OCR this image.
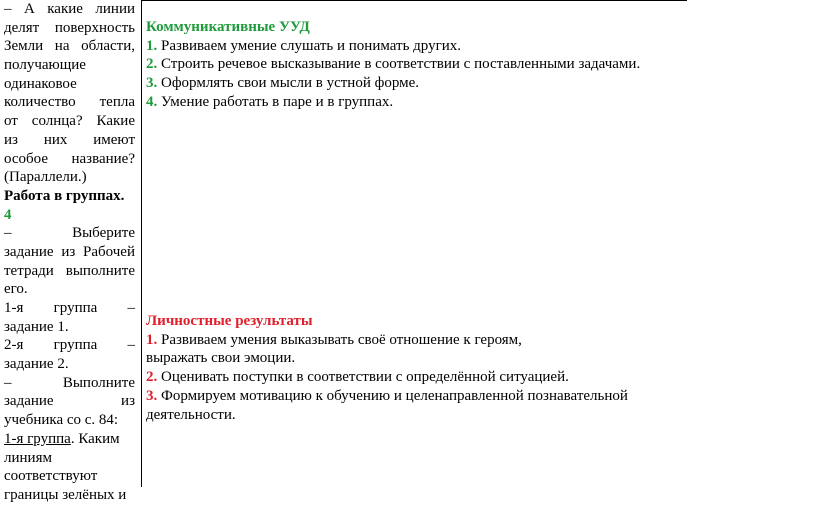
– А какие линии
делят поверхность
Земли на области,
получающие
одинаковое
количество тепла
от солнца? Какие
из них имеют
особое название?
(Параллели.)
Работа в группах.
4
– Выберите
задание из Рабочей
тетради выполните
его.
1-я группа –
задание 1.
2-я группа –
задание 2.
– Выполните
задание из
учебника со с. 84:
1-я группа. Каким
линиям
соответствуют
границы зелёных и
Коммуникативные УУД
1. Развиваем умение слушать и понимать других.
2. Строить речевое высказывание в соответствии с поставленными задачами.
3. Оформлять свои мысли в устной форме.
4. Умение работать в паре и в группах.
Личностные результаты
1. Развиваем умения выказывать своё отношение к героям,
выражать свои эмоции.
2. Оценивать поступки в соответствии с определённой ситуацией.
3. Формируем мотивацию к обучению и целенаправленной познавательной
деятельности.
